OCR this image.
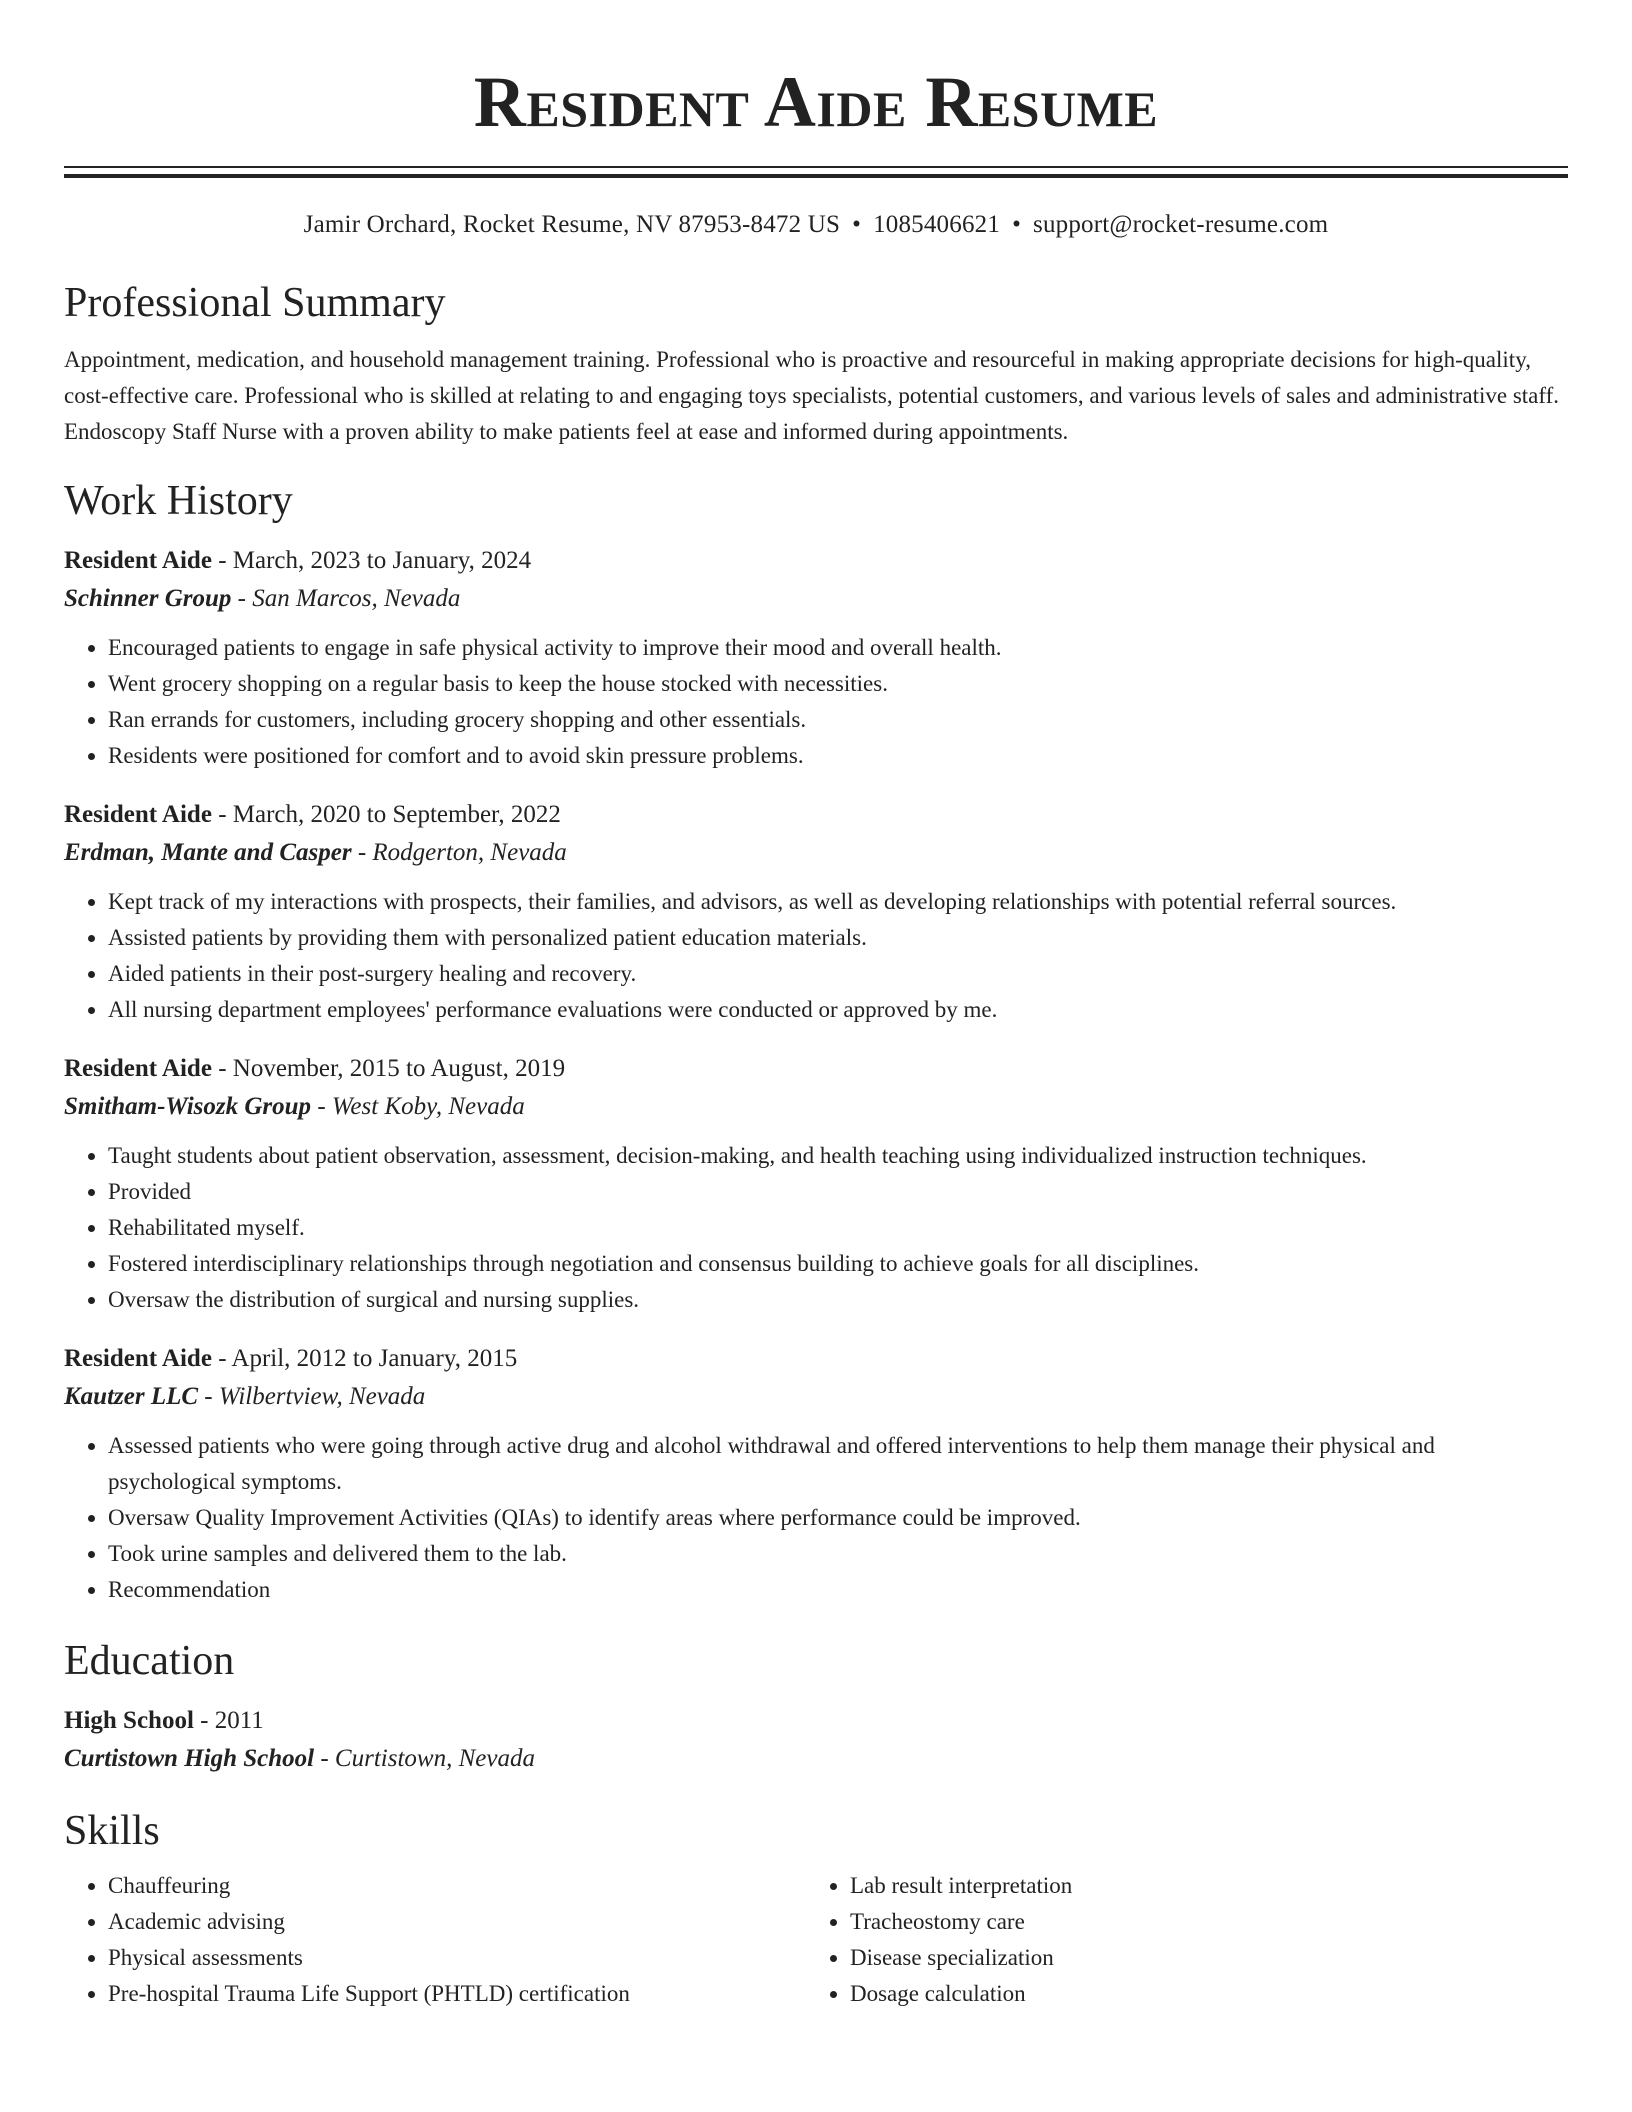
Resident Aide Resume
Jamir Orchard, Rocket Resume, NV 87953-8472 US • 1085406621 • support@rocket-resume.com
Professional Summary

Appointment, medication, and household management training. Professional who is proactive and resourceful in making appropriate decisions for high-quality, cost-effective care. Professional who is skilled at relating to and engaging toys specialists, potential customers, and various levels of sales and administrative staff. Endoscopy Staff Nurse with a proven ability to make patients feel at ease and informed during appointments.

Work History
Resident Aide - March, 2023 to January, 2024
Schinner Group - San Marcos, Nevada
• Encouraged patients to engage in safe physical activity to improve their mood and overall health.
• Went grocery shopping on a regular basis to keep the house stocked with necessities.
• Ran errands for customers, including grocery shopping and other essentials.
• Residents were positioned for comfort and to avoid skin pressure problems.
Resident Aide - March, 2020 to September, 2022
Erdman, Mante and Casper - Rodgerton, Nevada
• Kept track of my interactions with prospects, their families, and advisors, as well as developing relationships with potential referral sources.
• Assisted patients by providing them with personalized patient education materials.
• Aided patients in their post-surgery healing and recovery.
• All nursing department employees' performance evaluations were conducted or approved by me.
Resident Aide - November, 2015 to August, 2019
Smitham-Wisozk Group - West Koby, Nevada
• Taught students about patient observation, assessment, decision-making, and health teaching using individualized instruction techniques.
• Provided
• Rehabilitated myself.
• Fostered interdisciplinary relationships through negotiation and consensus building to achieve goals for all disciplines.
• Oversaw the distribution of surgical and nursing supplies.
Resident Aide - April, 2012 to January, 2015
Kautzer LLC - Wilbertview, Nevada
• Assessed patients who were going through active drug and alcohol withdrawal and offered interventions to help them manage their physical and psychological symptoms.
• Oversaw Quality Improvement Activities (QIAs) to identify areas where performance could be improved.
• Took urine samples and delivered them to the lab.
• Recommendation
Education
High School - 2011
Curtistown High School - Curtistown, Nevada
Skills
• Chauffeuring
• Academic advising
• Physical assessments
• Pre-hospital Trauma Life Support (PHTLD) certification
• Lab result interpretation
• Tracheostomy care
• Disease specialization
• Dosage calculation
